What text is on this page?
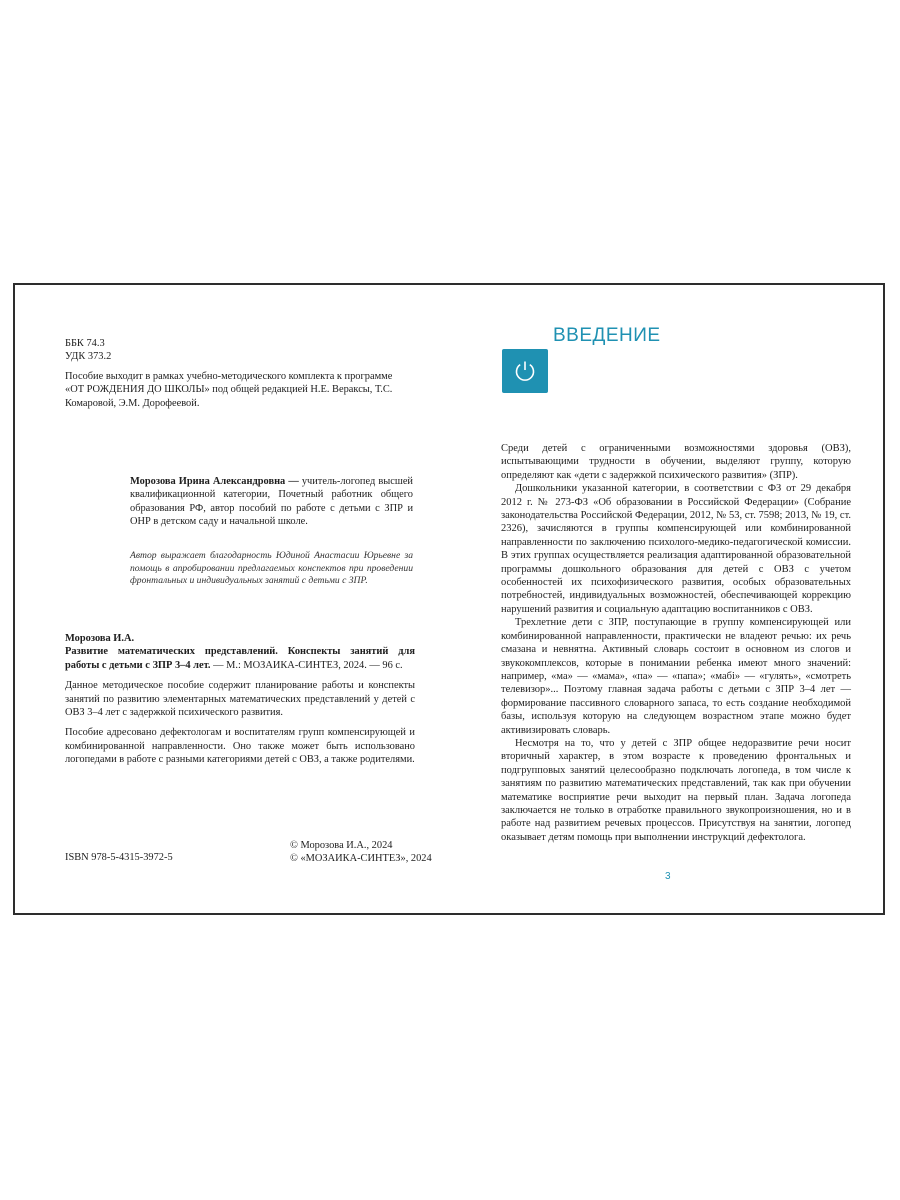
ББК 74.3

УДК 373.2

Пособие выходит в рамках учебно-методического комплекта к программе «ОТ РОЖДЕНИЯ ДО ШКОЛЫ» под общей редакцией Н.Е. Вераксы, Т.С. Комаровой, Э.М. Дорофеевой.

Морозова Ирина Александровна — учитель-логопед высшей квалификационной категории, Почетный работник общего образования РФ, автор пособий по работе с детьми с ЗПР и ОНР в детском саду и начальной школе.

Автор выражает благодарность Юдиной Анастасии Юрьевне за помощь в апробировании предлагаемых конспектов при проведении фронтальных и индивидуальных занятий с детьми с ЗПР.

Морозова И.А.

Развитие математических представлений. Конспекты занятий для работы с детьми с ЗПР 3–4 лет. — М.: МОЗАИКА-СИНТЕЗ, 2024. — 96 с.

Данное методическое пособие содержит планирование работы и конспекты занятий по развитию элементарных математических представлений у детей с ОВЗ 3–4 лет с задержкой психического развития.

Пособие адресовано дефектологам и воспитателям групп компенсирующей и комбинированной направленности. Оно также может быть использовано логопедами в работе с разными категориями детей с ОВЗ, а также родителями.

ISBN 978-5-4315-3972-5

© Морозова И.А., 2024

© «МОЗАИКА-СИНТЕЗ», 2024

ВВЕДЕНИЕ

Среди детей с ограниченными возможностями здоровья (ОВЗ), испытывающими трудности в обучении, выделяют группу, которую определяют как «дети с задержкой психического развития» (ЗПР).

Дошкольники указанной категории, в соответствии с ФЗ от 29 декабря 2012 г. № 273-ФЗ «Об образовании в Российской Федерации» (Собрание законодательства Российской Федерации, 2012, № 53, ст. 7598; 2013, № 19, ст. 2326), зачисляются в группы компенсирующей или комбинированной направленности по заключению психолого-медико-педагогической комиссии. В этих группах осуществляется реализация адаптированной образовательной программы дошкольного образования для детей с ОВЗ с учетом особенностей их психофизического развития, особых образовательных потребностей, индивидуальных возможностей, обеспечивающей коррекцию нарушений развития и социальную адаптацию воспитанников с ОВЗ.

Трехлетние дети с ЗПР, поступающие в группу компенсирующей или комбинированной направленности, практически не владеют речью: их речь смазана и невнятна. Активный словарь состоит в основном из слогов и звукокомплексов, которые в понимании ребенка имеют много значений: например, «ма» — «мама», «па» — «папа»; «мабi» — «гулять», «смотреть телевизор»... Поэтому главная задача работы с детьми с ЗПР 3–4 лет — формирование пассивного словарного запаса, то есть создание необходимой базы, используя которую на следующем возрастном этапе можно будет активизировать словарь.

Несмотря на то, что у детей с ЗПР общее недоразвитие речи носит вторичный характер, в этом возрасте к проведению фронтальных и подгрупповых занятий целесообразно подключать логопеда, в том числе к занятиям по развитию математических представлений, так как при обучении математике восприятие речи выходит на первый план. Задача логопеда заключается не только в отработке правильного звукопроизношения, но и в работе над развитием речевых процессов. Присутствуя на занятии, логопед оказывает детям помощь при выполнении инструкций дефектолога.

3
